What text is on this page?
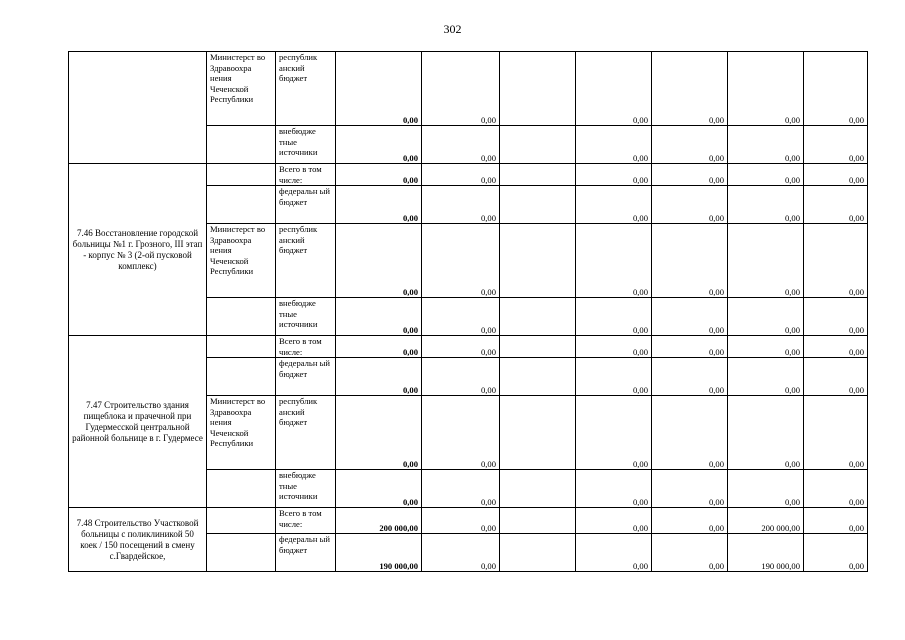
302
	Министерст во Здравоохра нения Чеченской Республики	республик анский бюджет	0,00	0,00		0,00	0,00	0,00	0,00
		внебюдже тные источники	0,00	0,00		0,00	0,00	0,00	0,00
7.46 Восстановление городской больницы №1 г. Грозного, III этап - корпус № 3 (2-ой пусковой комплекс)		Всего в том числе:	0,00	0,00		0,00	0,00	0,00	0,00
		федеральн ый бюджет	0,00	0,00		0,00	0,00	0,00	0,00
	Министерст во Здравоохра нения Чеченской Республики	республик анский бюджет	0,00	0,00		0,00	0,00	0,00	0,00
		внебюдже тные источники	0,00	0,00		0,00	0,00	0,00	0,00
7.47 Строительство здания пищеблока и прачечной при Гудермесской центральной районной больнице в г. Гудермесе		Всего в том числе:	0,00	0,00		0,00	0,00	0,00	0,00
		федеральн ый бюджет	0,00	0,00		0,00	0,00	0,00	0,00
	Министерст во Здравоохра нения Чеченской Республики	республик анский бюджет	0,00	0,00		0,00	0,00	0,00	0,00
		внебюдже тные источники	0,00	0,00		0,00	0,00	0,00	0,00
7.48 Строительство Участковой больницы с поликлиникой 50 коек / 150 посещений в смену с.Гвардейское,		Всего в том числе:	200 000,00	0,00		0,00	0,00	200 000,00	0,00
		федеральн ый бюджет	190 000,00	0,00		0,00	0,00	190 000,00	0,00
